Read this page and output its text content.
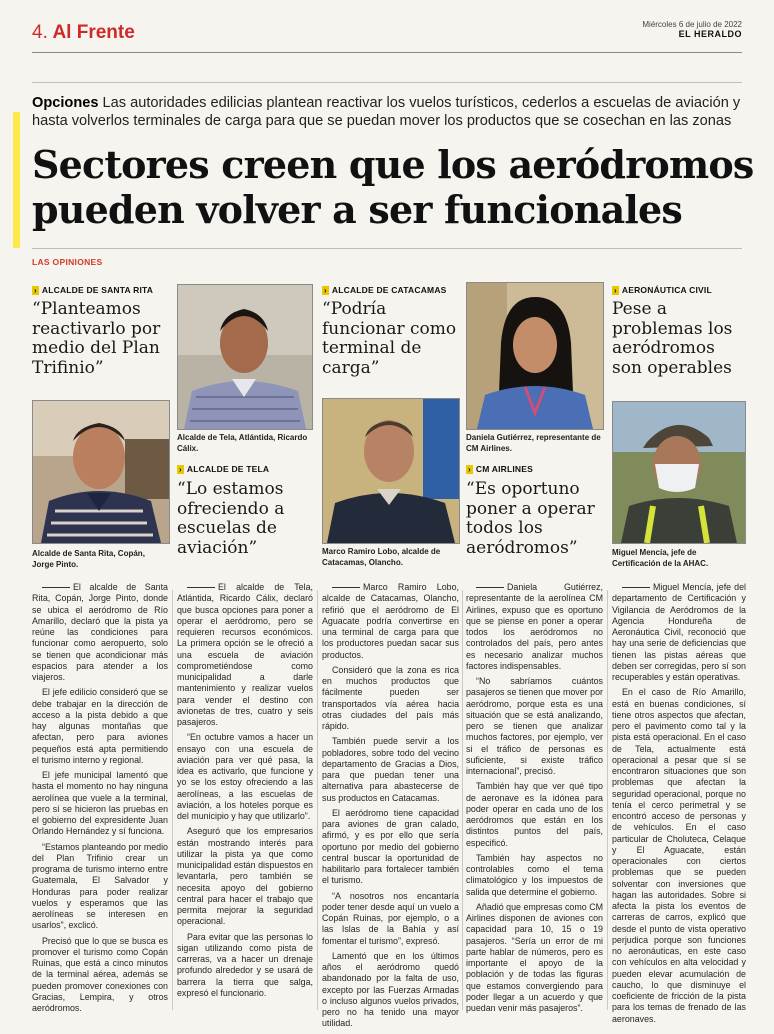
4. Al Frente	Miércoles 6 de julio de 2022
EL HERALDO
Opciones Las autoridades edilicias plantean reactivar los vuelos turísticos, cederlos a escuelas de aviación y hasta volverlos terminales de carga para que se puedan mover los productos que se cosechan en las zonas
Sectores creen que los aeródromos
pueden volver a ser funcionales
LAS OPINIONES
› ALCALDE DE SANTA RITA
“Planteamos reactivarlo por medio del Plan Trifinio”
Alcalde de Santa Rita, Copán, Jorge Pinto.
Alcalde de Tela, Atlántida, Ricardo Cálix.
› ALCALDE DE TELA
“Lo estamos ofreciendo a escuelas de aviación”
› ALCALDE DE CATACAMAS
“Podría funcionar como terminal de carga”
Marco Ramiro Lobo, alcalde de Catacamas, Olancho.
Daniela Gutiérrez, representante de CM Airlines.
› CM AIRLINES
“Es oportuno poner a operar todos los aeródromos”
› AERONÁUTICA CIVIL
Pese a problemas los aeródromos son operables
Miguel Mencía, jefe de Certificación de la AHAC.

El alcalde de Santa Rita, Copán, Jorge Pinto, donde se ubica el aeródromo de Río Amarillo, declaró que la pista ya reúne las condiciones para funcionar como aeropuerto, solo se tienen que acondicionar más espacios para atender a los viajeros.

El jefe edilicio consideró que se debe trabajar en la dirección de acceso a la pista debido a que hay algunas montañas que afectan, pero para aviones pequeños está apta permitiendo el turismo interno y regional.

El jefe municipal lamentó que hasta el momento no hay ninguna aerolínea que vuele a la terminal, pero sí se hicieron las pruebas en el gobierno del expresidente Juan Orlando Hernández y sí funciona.

“Estamos planteando por medio del Plan Trifinio crear un programa de turismo interno entre Guatemala, El Salvador y Honduras para poder realizar vuelos y esperamos que las aerolíneas se interesen en usarlos”, exclicó.

Precisó que lo que se busca es promover el turismo como Copán Ruinas, que está a cinco minutos de la terminal aérea, además se pueden promover conexiones con Gracias, Lempira, y otros aeródromos.

El alcalde de Tela, Atlántida, Ricardo Cálix, declaró que busca opciones para poner a operar el aeródromo, pero se requieren recursos económicos. La primera opción se le ofreció a una escuela de aviación comprometiéndose como municipalidad a darle mantenimiento y realizar vuelos para vender el destino con avionetas de tres, cuatro y seis pasajeros.

“En octubre vamos a hacer un ensayo con una escuela de aviación para ver qué pasa, la idea es activarlo, que funcione y yo se los estoy ofreciendo a las aerolíneas, a las escuelas de aviación, a los hoteles porque es del municipio y hay que utilizarlo”.

Aseguró que los empresarios están mostrando interés para utilizar la pista ya que como municipalidad están dispuestos en levantarla, pero también se necesita apoyo del gobierno central para hacer el trabajo que permita mejorar la seguridad operacional.

Para evitar que las personas lo sigan utilizando como pista de carreras, va a hacer un drenaje profundo alrededor y se usará de barrera la tierra que salga, expresó el funcionario.

Marco Ramiro Lobo, alcalde de Catacamas, Olancho, refirió que el aeródromo de El Aguacate podría convertirse en una terminal de carga para que los productores puedan sacar sus productos.

Consideró que la zona es rica en muchos productos que fácilmente pueden ser transportados vía aérea hacia otras ciudades del país más rápido.

También puede servir a los pobladores, sobre todo del vecino departamento de Gracias a Dios, para que puedan tener una alternativa para abastecerse de sus productos en Catacamas.

El aeródromo tiene capacidad para aviones de gran calado, afirmó, y es por ello que sería oportuno por medio del gobierno central buscar la oportunidad de habilitarlo para fortalecer también el turismo.

“A nosotros nos encantaría poder tener desde aquí un vuelo a Copán Ruinas, por ejemplo, o a las Islas de la Bahía y así fomentar el turismo”, expresó.

Lamentó que en los últimos años el aeródromo quedó abandonado por la falta de uso, excepto por las Fuerzas Armadas o incluso algunos vuelos privados, pero no ha tenido una mayor utilidad.

Daniela Gutiérrez, representante de la aerolínea CM Airlines, expuso que es oportuno que se piense en poner a operar todos los aeródromos no controlados del país, pero antes es necesario analizar muchos factores indispensables.

“No sabríamos cuántos pasajeros se tienen que mover por aeródromo, porque esta es una situación que se está analizando, pero se tienen que analizar muchos factores, por ejemplo, ver si el tráfico de personas es suficiente, si existe tráfico internacional”, precisó.

También hay que ver qué tipo de aeronave es la idónea para poder operar en cada uno de los aeródromos que están en los distintos puntos del país, especificó.

También hay aspectos no controlables como el tema climatológico y los impuestos de salida que determine el gobierno.

Añadió que empresas como CM Airlines disponen de aviones con capacidad para 10, 15 o 19 pasajeros. “Sería un error de mi parte hablar de números, pero es importante el apoyo de la población y de todas las figuras que estamos convergiendo para poder llegar a un acuerdo y que puedan venir más pasajeros”.

Miguel Mencía, jefe del departamento de Certificación y Vigilancia de Aeródromos de la Agencia Hondureña de Aeronáutica Civil, reconoció que hay una serie de deficiencias que tienen las pistas aéreas que deben ser corregidas, pero sí son recuperables y están operativas.

En el caso de Río Amarillo, está en buenas condiciones, sí tiene otros aspectos que afectan, pero el pavimento como tal y la pista está operacional. En el caso de Tela, actualmente está operacional a pesar que sí se encontraron situaciones que son problemas que afectan la seguridad operacional, porque no tenía el cerco perimetral y se encontró acceso de personas y de vehículos. En el caso particular de Choluteca, Celaque y El Aguacate, están operacionales con ciertos problemas que se pueden solventar con inversiones que hagan las autoridades. Sobre si afecta la pista los eventos de carreras de carros, explicó que desde el punto de vista operativo perjudica porque son funciones no aeronáuticas, en este caso con vehículos en alta velocidad y pueden elevar acumulación de caucho, lo que disminuye el coeficiente de fricción de la pista para los temas de frenado de las aeronaves.
